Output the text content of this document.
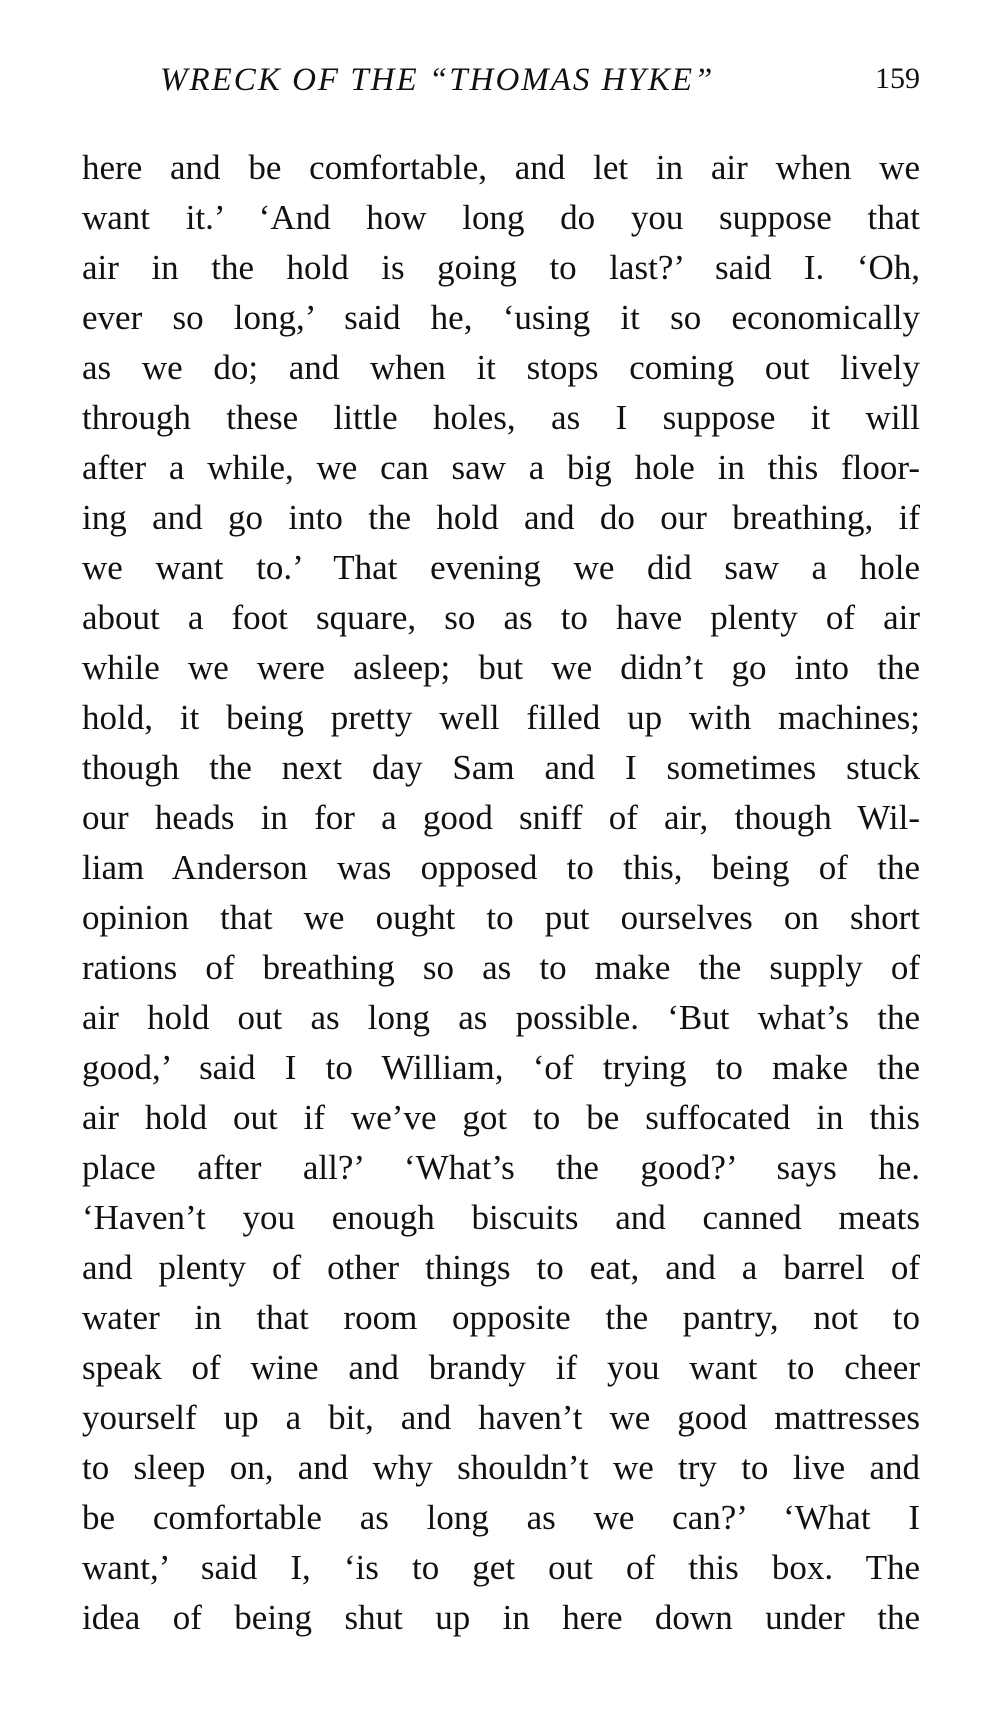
WRECK OF THE “THOMAS HYKE”	159
here and be comfortable, and let in air when we
want it.’ ‘And how long do you suppose that
air in the hold is going to last?’ said I. ‘Oh,
ever so long,’ said he, ‘using it so economically
as we do; and when it stops coming out lively
through these little holes, as I suppose it will
after a while, we can saw a big hole in this floor-
ing and go into the hold and do our breathing, if
we want to.’ That evening we did saw a hole
about a foot square, so as to have plenty of air
while we were asleep; but we didn’t go into the
hold, it being pretty well filled up with machines;
though the next day Sam and I sometimes stuck
our heads in for a good sniff of air, though Wil-
liam Anderson was opposed to this, being of the
opinion that we ought to put ourselves on short
rations of breathing so as to make the supply of
air hold out as long as possible. ‘But what’s the
good,’ said I to William, ‘of trying to make the
air hold out if we’ve got to be suffocated in this
place after all?’ ‘What’s the good?’ says he.
‘Haven’t you enough biscuits and canned meats
and plenty of other things to eat, and a barrel of
water in that room opposite the pantry, not to
speak of wine and brandy if you want to cheer
yourself up a bit, and haven’t we good mattresses
to sleep on, and why shouldn’t we try to live and
be comfortable as long as we can?’ ‘What I
want,’ said I, ‘is to get out of this box. The
idea of being shut up in here down under the
